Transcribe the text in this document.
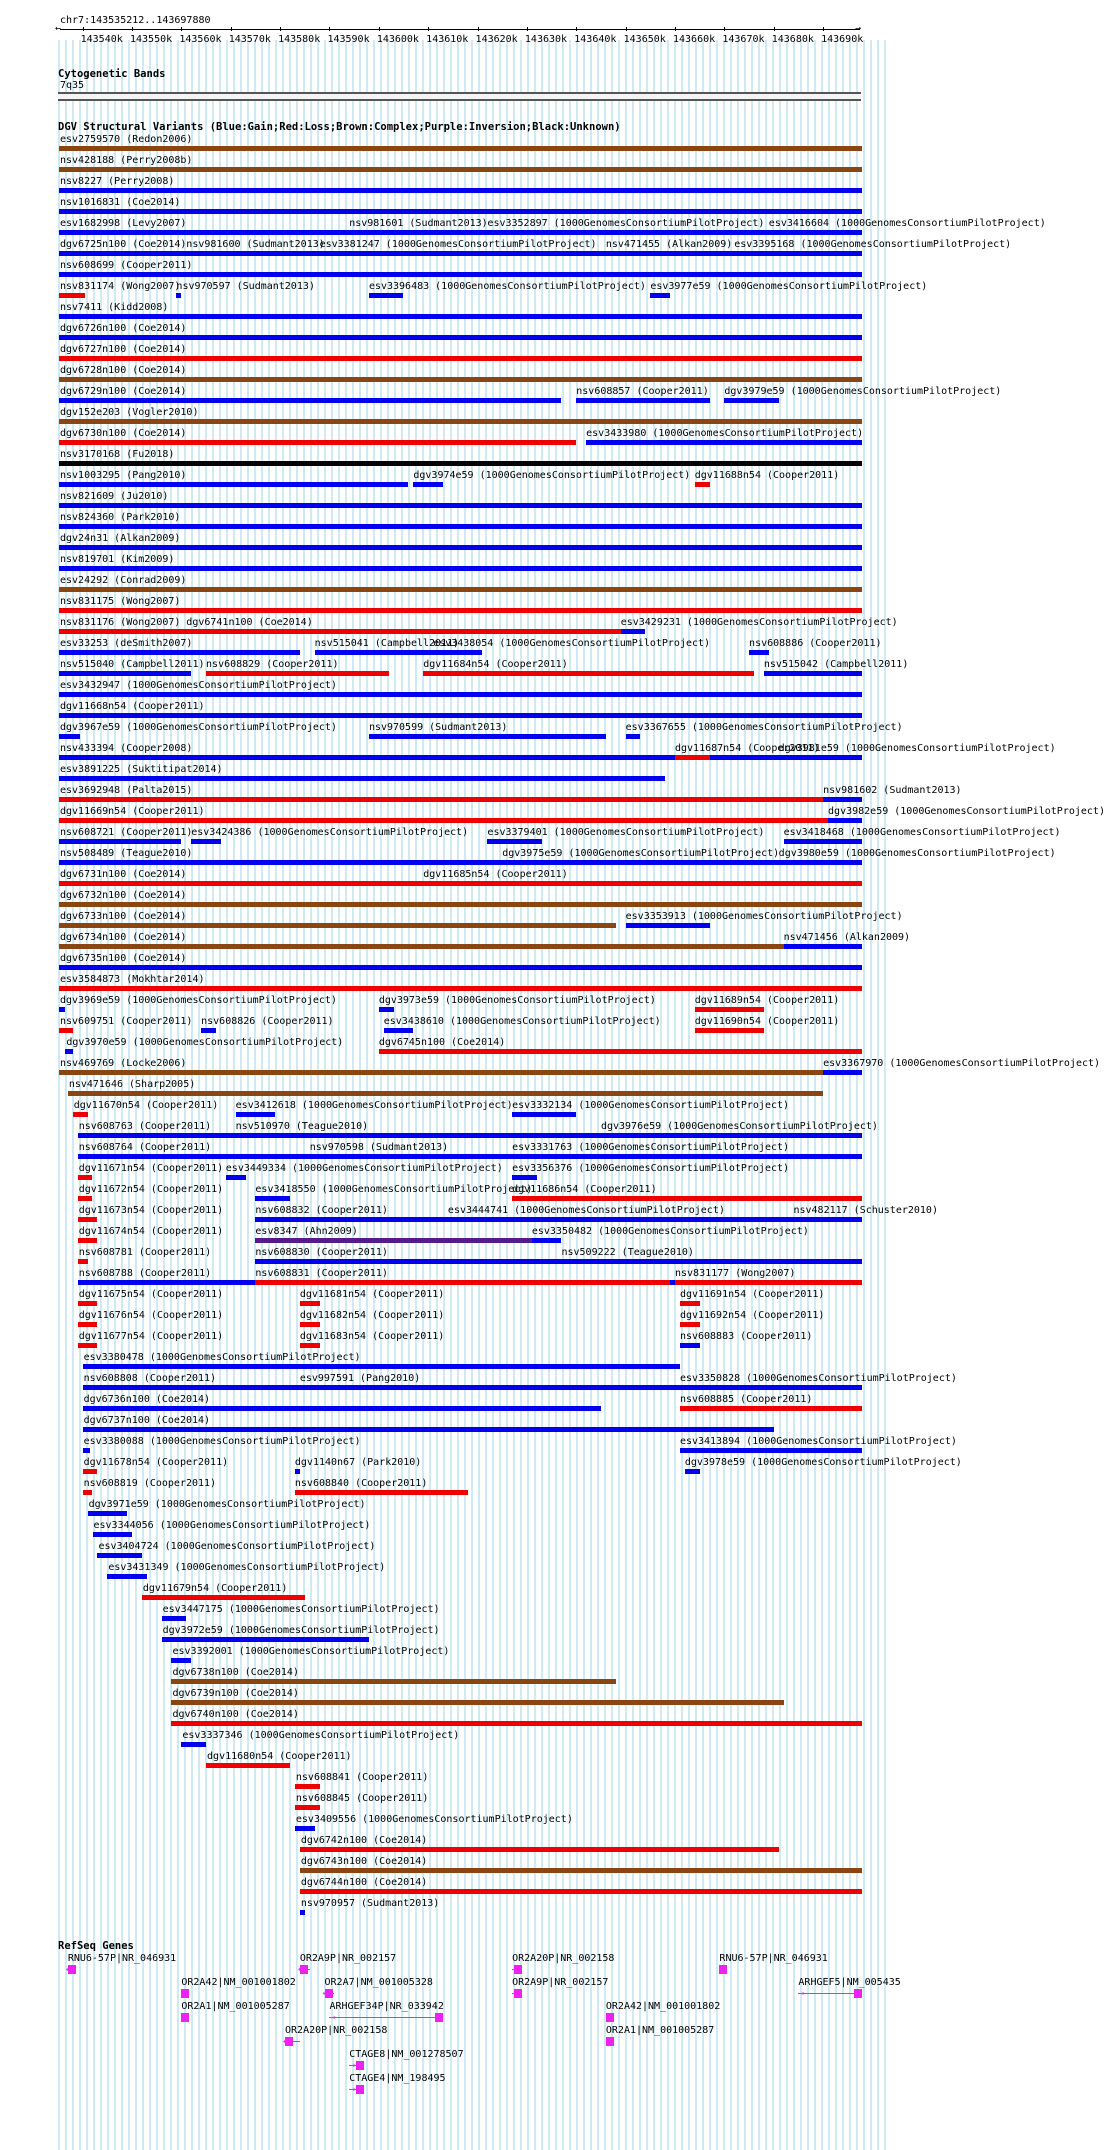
chr7:143535212..143697880
143540k 143550k 143560k 143570k 143580k 143590k 143600k 143610k 143620k 143630k 143640k 143650k 143660k 143670k 143680k 143690k
←	→
Cytogenetic Bands
7q35
DGV Structural Variants (Blue:Gain;Red:Loss;Brown:Complex;Purple:Inversion;Black:Unknown)
esv2759570 (Redon2006)
nsv428188 (Perry2008b)
nsv8227 (Perry2008)
nsv1016831 (Coe2014)
esv1682998 (Levy2007)	nsv981601 (Sudmant2013) esv3352897 (1000GenomesConsortiumPilotProject) esv3416604 (1000GenomesConsortiumPilotProject)
dgv6725n100 (Coe2014) nsv981600 (Sudmant2013)
esv3381247 (1000GenomesConsortiumPilotProject) nsv471455 (Alkan2009) esv3395168 (1000GenomesConsortiumPilotProject)
nsv608699 (Cooper2011)
nsv831174 (Wong2007)
nsv970597 (Sudmant2013)	esv3396483 (1000GenomesConsortiumPilotProject) esv3977e59 (1000GenomesConsortiumPilotProject)
nsv7411 (Kidd2008)
dgv6726n100 (Coe2014)
dgv6727n100 (Coe2014)
dgv6728n100 (Coe2014)
dgv6729n100 (Coe2014)	nsv608857 (Cooper2011) dgv3979e59 (1000GenomesConsortiumPilotProject)
dgv152e203 (Vogler2010)
dgv6730n100 (Coe2014)	esv3433980 (1000GenomesConsortiumPilotProject)
nsv3170168 (Fu2018)
nsv1003295 (Pang2010)	dgv3974e59 (1000GenomesConsortiumPilotProject) dgv11688n54 (Cooper2011)
nsv821609 (Ju2010)
nsv824360 (Park2010)
dgv24n31 (Alkan2009)
nsv819701 (Kim2009)
esv24292 (Conrad2009)
nsv831175 (Wong2007)
nsv831176 (Wong2007) dgv6741n100 (Coe2014)	esv3429231 (1000GenomesConsortiumPilotProject)
esv33253 (deSmith2007)	nsv515041 (Campbell2011)
esv3438054 (1000GenomesConsortiumPilotProject)	nsv608886 (Cooper2011)
nsv515040 (Campbell2011) nsv608829 (Cooper2011)	dgv11684n54 (Cooper2011)	nsv515042 (Campbell2011)
esv3432947 (1000GenomesConsortiumPilotProject)
dgv11668n54 (Cooper2011)
dgv3967e59 (1000GenomesConsortiumPilotProject)	nsv970599 (Sudmant2013)	esv3367655 (1000GenomesConsortiumPilotProject)
nsv433394 (Cooper2008)	dgv11687n54 (Cooper2011)
dgv3981e59 (1000GenomesConsortiumPilotProject)
esv3891225 (Suktitipat2014)
esv3692948 (Palta2015)	nsv981602 (Sudmant2013)
dgv11669n54 (Cooper2011)	dgv3982e59 (1000GenomesConsortiumPilotProject)
nsv608721 (Cooper2011)
esv3424386 (1000GenomesConsortiumPilotProject) esv3379401 (1000GenomesConsortiumPilotProject) esv3418468 (1000GenomesConsortiumPilotProject)
nsv508489 (Teague2010)	dgv3975e59 (1000GenomesConsortiumPilotProject) dgv3980e59 (1000GenomesConsortiumPilotProject)
dgv6731n100 (Coe2014)	dgv11685n54 (Cooper2011)
dgv6732n100 (Coe2014)
dgv6733n100 (Coe2014)	esv3353913 (1000GenomesConsortiumPilotProject)
dgv6734n100 (Coe2014)	nsv471456 (Alkan2009)
dgv6735n100 (Coe2014)
esv3584873 (Mokhtar2014)
dgv3969e59 (1000GenomesConsortiumPilotProject)	dgv3973e59 (1000GenomesConsortiumPilotProject)	dgv11689n54 (Cooper2011)
nsv609751 (Cooper2011) nsv608826 (Cooper2011)	esv3438610 (1000GenomesConsortiumPilotProject)	dgv11690n54 (Cooper2011)
dgv3970e59 (1000GenomesConsortiumPilotProject)	dgv6745n100 (Coe2014)
nsv469769 (Locke2006)	esv3367970 (1000GenomesConsortiumPilotProject)
nsv471646 (Sharp2005)
dgv11670n54 (Cooper2011) esv3412618 (1000GenomesConsortiumPilotProject) esv3332134 (1000GenomesConsortiumPilotProject)
nsv608763 (Cooper2011) nsv510970 (Teague2010)	dgv3976e59 (1000GenomesConsortiumPilotProject)
nsv608764 (Cooper2011)	nsv970598 (Sudmant2013)	esv3331763 (1000GenomesConsortiumPilotProject)
dgv11671n54 (Cooper2011) esv3449334 (1000GenomesConsortiumPilotProject) esv3356376 (1000GenomesConsortiumPilotProject)
dgv11672n54 (Cooper2011)	esv3418550 (1000GenomesConsortiumPilotProject)
dgv11686n54 (Cooper2011)
dgv11673n54 (Cooper2011)	nsv608832 (Cooper2011)	esv3444741 (1000GenomesConsortiumPilotProject)	nsv482117 (Schuster2010)
dgv11674n54 (Cooper2011)	esv8347 (Ahn2009)	esv3350482 (1000GenomesConsortiumPilotProject)
nsv608781 (Cooper2011)	nsv608830 (Cooper2011)	nsv509222 (Teague2010)
nsv608788 (Cooper2011)	nsv608831 (Cooper2011)	nsv831177 (Wong2007)
dgv11675n54 (Cooper2011)	dgv11681n54 (Cooper2011)	dgv11691n54 (Cooper2011)
dgv11676n54 (Cooper2011)	dgv11682n54 (Cooper2011)	dgv11692n54 (Cooper2011)
dgv11677n54 (Cooper2011)	dgv11683n54 (Cooper2011)	nsv608883 (Cooper2011)
esv3380478 (1000GenomesConsortiumPilotProject)
nsv608808 (Cooper2011)	esv997591 (Pang2010)	esv3350828 (1000GenomesConsortiumPilotProject)
dgv6736n100 (Coe2014)	nsv608885 (Cooper2011)
dgv6737n100 (Coe2014)
esv3380088 (1000GenomesConsortiumPilotProject)	esv3413894 (1000GenomesConsortiumPilotProject)
dgv11678n54 (Cooper2011)	dgv1140n67 (Park2010)	dgv3978e59 (1000GenomesConsortiumPilotProject)
nsv608819 (Cooper2011)	nsv608840 (Cooper2011)
dgv3971e59 (1000GenomesConsortiumPilotProject)
esv3344056 (1000GenomesConsortiumPilotProject)
esv3404724 (1000GenomesConsortiumPilotProject)
esv3431349 (1000GenomesConsortiumPilotProject)
dgv11679n54 (Cooper2011)
esv3447175 (1000GenomesConsortiumPilotProject)
dgv3972e59 (1000GenomesConsortiumPilotProject)
esv3392001 (1000GenomesConsortiumPilotProject)
dgv6738n100 (Coe2014)
dgv6739n100 (Coe2014)
dgv6740n100 (Coe2014)
esv3337346 (1000GenomesConsortiumPilotProject)
dgv11680n54 (Cooper2011)
nsv608841 (Cooper2011)
nsv608845 (Cooper2011)
esv3409556 (1000GenomesConsortiumPilotProject)
dgv6742n100 (Coe2014)
dgv6743n100 (Coe2014)
dgv6744n100 (Coe2014)
nsv970957 (Sudmant2013)
RefSeq Genes
RNU6-57P|NR_046931
←
OR2A9P|NR_002157
←
OR2A20P|NR_002158
→
RNU6-57P|NR_046931
→
OR2A42|NM_001001802
→
OR2A7|NM_001005328
←
OR2A9P|NR_002157
→
ARHGEF5|NM_005435
→
OR2A1|NM_001005287
→
ARHGEF34P|NR_033942
→
OR2A42|NM_001001802
→
OR2A20P|NR_002158
←
OR2A1|NM_001005287
→
CTAGE8|NM_001278507
→
CTAGE4|NM_198495
→
